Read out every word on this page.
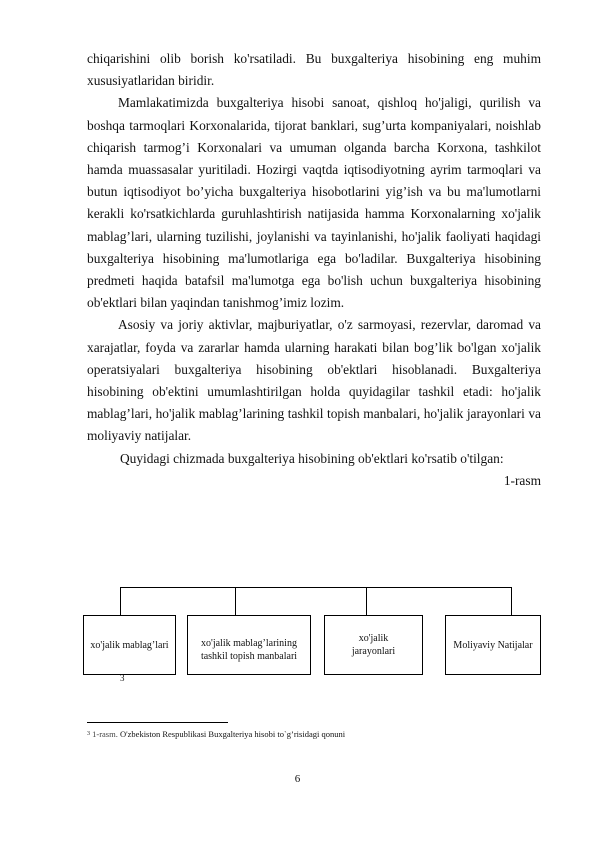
chiqarishini olib borish ko'rsatiladi. Bu buxgalteriya hisobining eng muhim xususiyatlaridan biridir.

Mamlakatimizda buxgalteriya hisobi sanoat, qishloq ho'jaligi, qurilish va boshqa tarmoqlari Korxonalarida, tijorat banklari, sug’urta kompaniyalari, noishlab chiqarish tarmog’i Korxonalari va umuman olganda barcha Korxona, tashkilot hamda muassasalar yuritiladi. Hozirgi vaqtda iqtisodiyotning ayrim tarmoqlari va butun iqtisodiyot bo’yicha buxgalteriya hisobotlarini yig’ish va bu ma'lumotlarni kerakli ko'rsatkichlarda guruhlashtirish natijasida hamma Korxonalarning xo'jalik mablag’lari, ularning tuzilishi, joylanishi va tayinlanishi, ho'jalik faoliyati haqidagi buxgalteriya hisobining ma'lumotlariga ega bo'ladilar. Buxgalteriya hisobining predmeti haqida batafsil ma'lumotga ega bo'lish uchun buxgalteriya hisobining ob'ektlari bilan yaqindan tanishmog’imiz lozim.

Asosiy va joriy aktivlar, majburiyatlar, o'z sarmoyasi, rezervlar, daromad va xarajatlar, foyda va zararlar hamda ularning harakati bilan bog’lik bo'lgan xo'jalik operatsiyalari buxgalteriya hisobining ob'ektlari hisoblanadi. Buxgalteriya hisobining ob'ektini umumlashtirilgan holda quyidagilar tashkil etadi: ho'jalik mablag’lari, ho'jalik mablag’larining tashkil topish manbalari, ho'jalik jarayonlari va moliyaviy natijalar.

Quyidagi chizmada buxgalteriya hisobining ob'ektlari ko'rsatib o'tilgan:

1-rasm

xo'jalik mablag’lari	xo'jalik mablag’larining
tashkil topish manbalari
xo'jalik
jarayonlari
Moliyaviy Natijalar
3
$^3$ 1-rasm. O'zbekiston Respublikasi Buxgalteriya hisobi to`g’risidagi qonuni
6
